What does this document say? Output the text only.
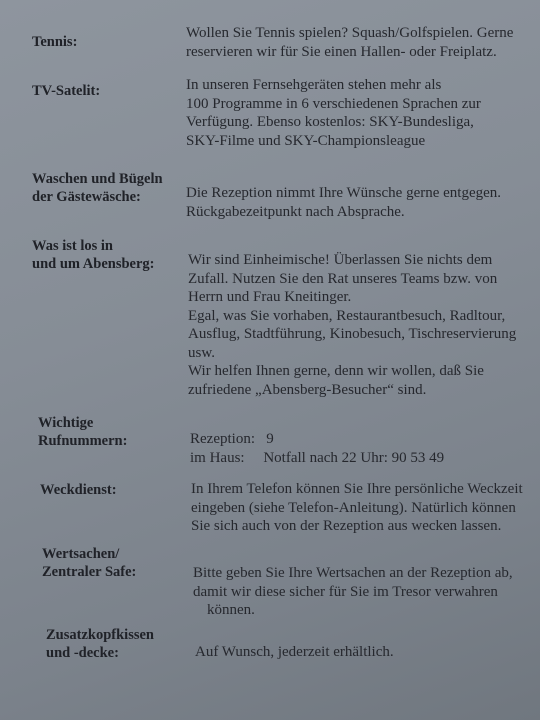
Tennis:
Wollen Sie Tennis spielen? Squash/Golfspielen. Gerne
reservieren wir für Sie einen Hallen- oder Freiplatz.
TV-Satelit:	In unseren Fernsehgeräten stehen mehr als
100 Programme in 6 verschiedenen Sprachen zur
Verfügung. Ebenso kostenlos: SKY-Bundesliga,
SKY-Filme und SKY-Championsleague
Waschen und Bügeln
der Gästewäsche:	Die Rezeption nimmt Ihre Wünsche gerne entgegen.
Rückgabezeitpunkt nach Absprache.
Was ist los in
und um Abensberg: Wir sind Einheimische! Überlassen Sie nichts dem
Zufall. Nutzen Sie den Rat unseres Teams bzw. von
Herrn und Frau Kneitinger.
Egal, was Sie vorhaben, Restaurantbesuch, Radltour,
Ausflug, Stadtführung, Kinobesuch, Tischreservierung
usw.
Wir helfen Ihnen gerne, denn wir wollen, daß Sie
zufriedene „Abensberg-Besucher“ sind.
Wichtige
Rufnummern:	Rezeption:   9
im Haus:     Notfall nach 22 Uhr: 90 53 49
Weckdienst:	In Ihrem Telefon können Sie Ihre persönliche Weckzeit
eingeben (siehe Telefon-Anleitung). Natürlich können
Sie sich auch von der Rezeption aus wecken lassen.
Wertsachen/
Zentraler Safe:	Bitte geben Sie Ihre Wertsachen an der Rezeption ab,
damit wir diese sicher für Sie im Tresor verwahren
können.
Zusatzkopfkissen
und -decke:	Auf Wunsch, jederzeit erhältlich.
